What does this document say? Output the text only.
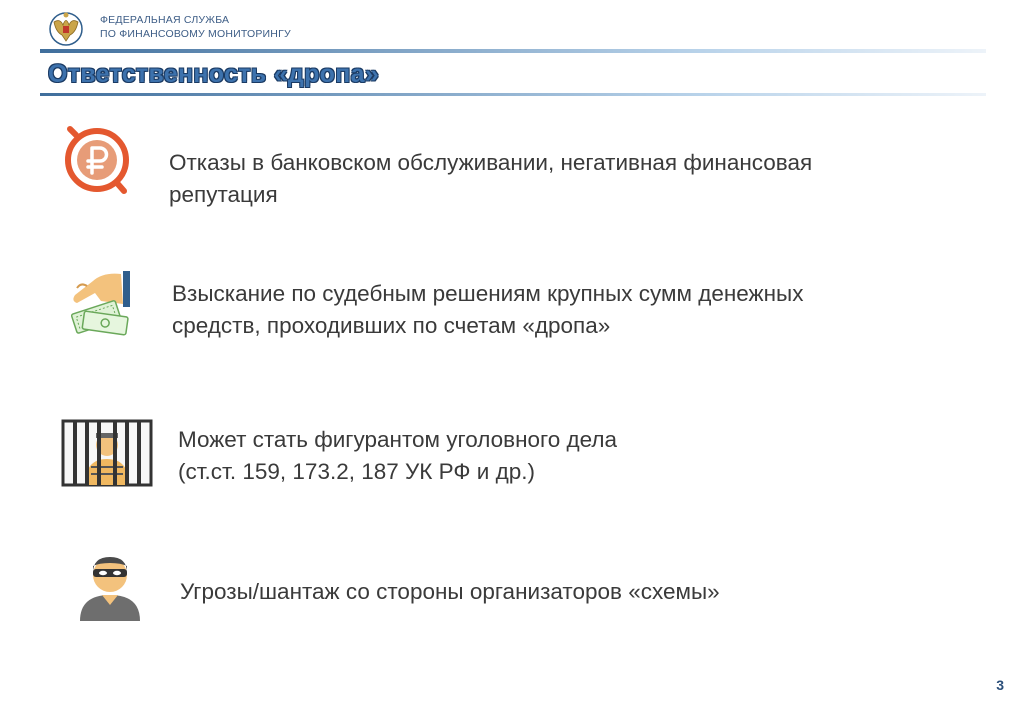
ФЕДЕРАЛЬНАЯ СЛУЖБА
ПО ФИНАНСОВОМУ МОНИТОРИНГУ
Ответственность «дропа»
Отказы в банковском обслуживании, негативная финансовая
репутация
Взыскание по судебным решениям крупных сумм денежных
средств, проходивших по счетам «дропа»
Может стать фигурантом уголовного дела
(ст.ст. 159, 173.2, 187 УК РФ и др.)
Угрозы/шантаж со стороны организаторов «схемы»
3
